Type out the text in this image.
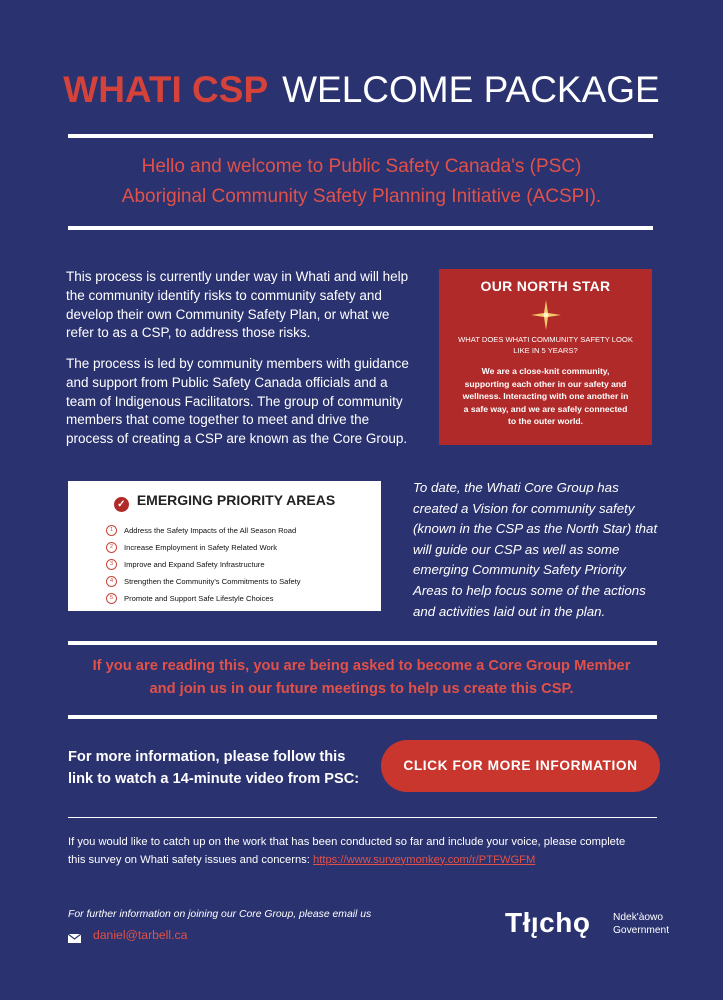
WHATI CSP WELCOME PACKAGE
Hello and welcome to Public Safety Canada's (PSC)
Aboriginal Community Safety Planning Initiative (ACSPI).
This process is currently under way in Whati and will help the community identify risks to community safety and develop their own Community Safety Plan, or what we refer to as a CSP, to address those risks.
The process is led by community members with guidance and support from Public Safety Canada officials and a team of Indigenous Facilitators. The group of community members that come together to meet and drive the process of creating a CSP are known as the Core Group.
OUR NORTH STAR
WHAT DOES WHATI COMMUNITY SAFETY LOOK LIKE IN 5 YEARS?
We are a close-knit community, supporting each other in our safety and wellness. Interacting with one another in a safe way, and we are safely connected to the outer world.
✓ EMERGING PRIORITY AREAS
1	Address the Safety Impacts of the All Season Road
2	Increase Employment in Safety Related Work
3	Improve and Expand Safety Infrastructure
4	Strengthen the Community's Commitments to Safety
5	Promote and Support Safe Lifestyle Choices
To date, the Whati Core Group has created a Vision for community safety (known in the CSP as the North Star) that will guide our CSP as well as some emerging Community Safety Priority Areas to help focus some of the actions and activities laid out in the plan.
If you are reading this, you are being asked to become a Core Group Member
and join us in our future meetings to help us create this CSP.
For more information, please follow this
link to watch a 14-minute video from PSC:
CLICK FOR MORE INFORMATION
If you would like to catch up on the work that has been conducted so far and include your voice, please complete
this survey on Whati safety issues and concerns: https://www.surveymonkey.com/r/PTFWGFM
For further information on joining our Core Group, please email us
daniel@tarbell.ca	Tłı̨chǫ Ndek'àowo
Government
